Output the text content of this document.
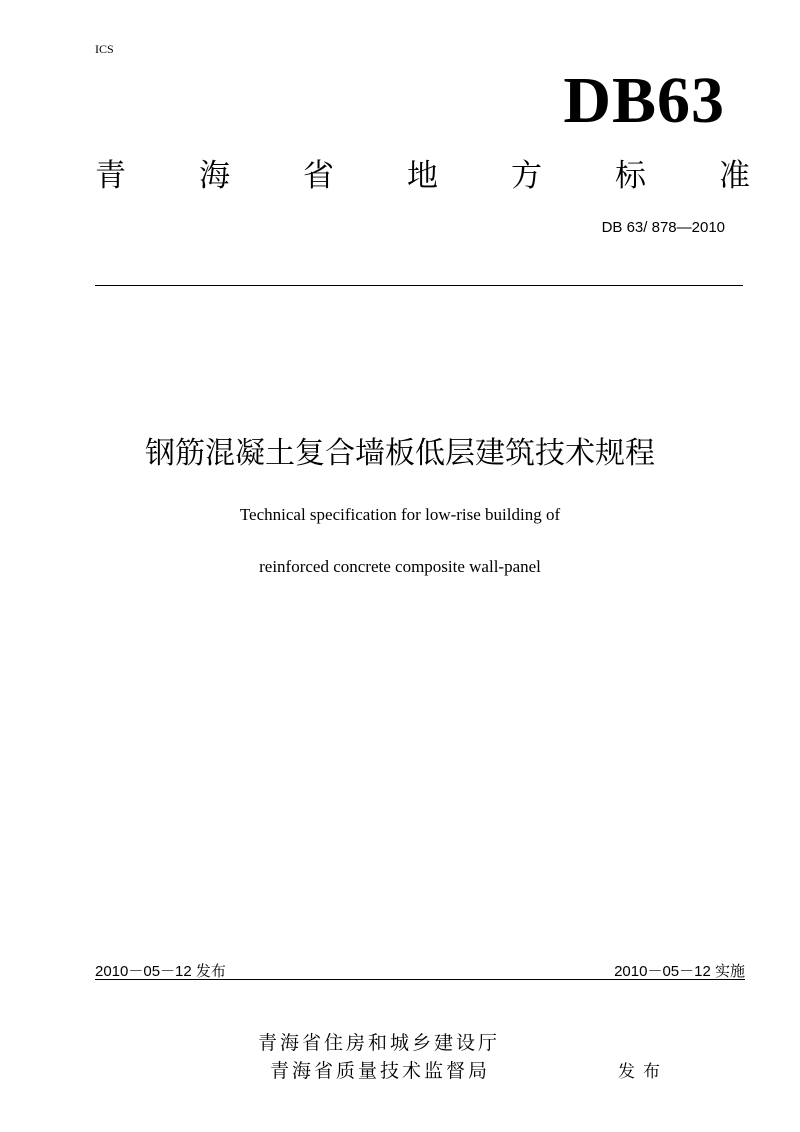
ICS
DB63
青 海 省 地 方 标 准
DB 63/ 878—2010
钢筋混凝土复合墙板低层建筑技术规程
Technical specification for low-rise building of
reinforced concrete composite wall-panel
2010－05－12 发布	2010－05－12 实施
青海省住房和城乡建设厅
青海省质量技术监督局	发布
